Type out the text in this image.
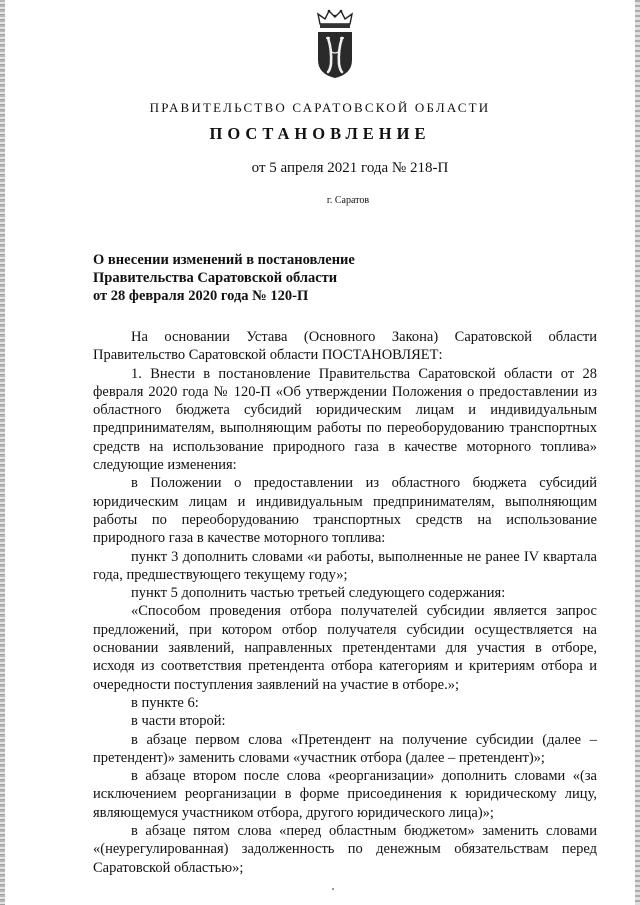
ПРАВИТЕЛЬСТВО САРАТОВСКОЙ ОБЛАСТИ
ПОСТАНОВЛЕНИЕ
от 5 апреля 2021 года № 218-П
г. Саратов
О внесении изменений в постановление
Правительства Саратовской области
от 28 февраля 2020 года № 120-П

На основании Устава (Основного Закона) Саратовской области Правительство Саратовской области ПОСТАНОВЛЯЕТ:

1. Внести в постановление Правительства Саратовской области от 28 февраля 2020 года № 120-П «Об утверждении Положения о предоставлении из областного бюджета субсидий юридическим лицам и индивидуальным предпринимателям, выполняющим работы по переоборудованию транспортных средств на использование природного газа в качестве моторного топлива» следующие изменения:

в Положении о предоставлении из областного бюджета субсидий юридическим лицам и индивидуальным предпринимателям, выполняющим работы по переоборудованию транспортных средств на использование природного газа в качестве моторного топлива:

пункт 3 дополнить словами «и работы, выполненные не ранее IV квартала года, предшествующего текущему году»;

пункт 5 дополнить частью третьей следующего содержания:

«Способом проведения отбора получателей субсидии является запрос предложений, при котором отбор получателя субсидии осуществляется на основании заявлений, направленных претендентами для участия в отборе, исходя из соответствия претендента отбора категориям и критериям отбора и очередности поступления заявлений на участие в отборе.»;

в пункте 6:

в части второй:

в абзаце первом слова «Претендент на получение субсидии (далее – претендент)» заменить словами «участник отбора (далее – претендент)»;

в абзаце втором после слова «реорганизации» дополнить словами «(за исключением реорганизации в форме присоединения к юридическому лицу, являющемуся участником отбора, другого юридического лица)»;

в абзаце пятом слова «перед областным бюджетом» заменить словами «(неурегулированная) задолженность по денежным обязательствам перед Саратовской областью»;
